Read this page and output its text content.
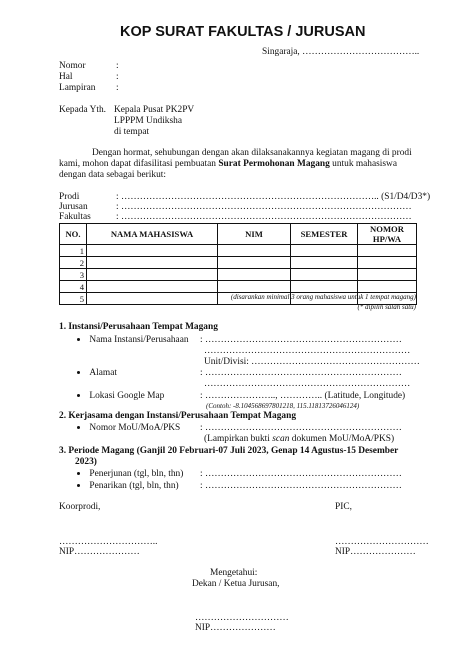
KOP SURAT FAKULTAS / JURUSAN
Singaraja, ………………………………..
Nomor	:
Hal	:
Lampiran :
Kepada Yth. Kepala Pusat PK2PV
LPPPM Undiksha
di tempat
Dengan hormat, sehubungan dengan akan dilaksanakannya kegiatan magang di prodi
kami, mohon dapat difasilitasi pembuatan Surat Permohonan Magang untuk mahasiswa
dengan data sebagai berikut:
Prodi	: ……………………………………………………………………….. (S1/D4/D3*)
Jurusan	: …………………………………………………………………………………
Fakultas	: …………………………………………………………………………………
NO.	NAMA MAHASISWA	NIM	SEMESTER	NOMOR HP/WA
1				
2				
3				
4				
5					(disarankan minimal 3 orang mahasiswa untuk 1 tempat magang)
(* dipilih salah satu)
1. Instansi/Perusahaan Tempat Magang
Nama Instansi/Perusahaan : ………………………………………………………
…………………………………………………………
Unit/Divisi: ………………………………………………
Alamat	: ………………………………………………………
…………………………………………………………
Lokasi Google Map	: ………………….., ………….. (Latitude, Longitude)
(Contoh: -8.104568697801218, 115.11813726046124)
2. Kerjasama dengan Instansi/Perusahaan Tempat Magang
Nomor MoU/MoA/PKS : ………………………………………………………
(Lampirkan bukti scan dokumen MoU/MoA/PKS)
3. Periode Magang (Ganjil 20 Februari-07 Juli 2023, Genap 14 Agustus-15 Desember
2023)
Penerjunan (tgl, bln, thn) : ………………………………………………………
Penarikan (tgl, bln, thn) : ………………………………………………………
Koorprodi,	PIC,
…………………………..
NIP…………………
…………………………
NIP…………………
Mengetahui:
Dekan / Ketua Jurusan,
…………………………
NIP…………………
